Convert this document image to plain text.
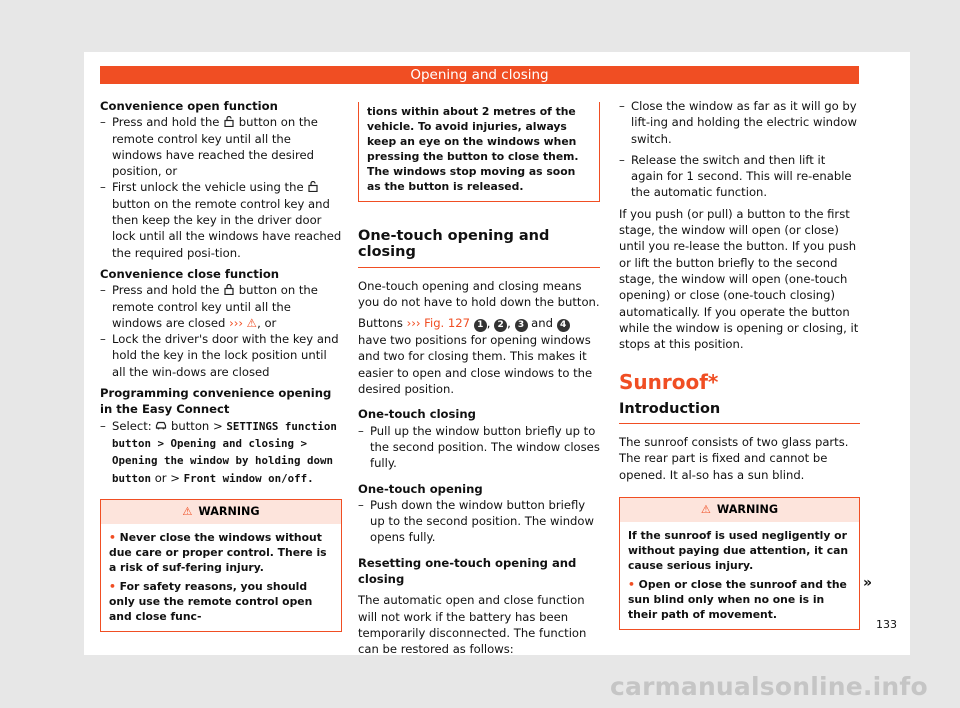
Opening and closing
Convenience open function
– Press and hold the  button on the remote control key until all the windows have reached the desired position, or
– First unlock the vehicle using the  button on the remote control key and then keep the key in the driver door lock until all the windows have reached the required posi-tion.
Convenience close function
– Press and hold the  button on the remote control key until all the windows are closed ››› ⚠, or
– Lock the driver's door with the key and hold the key in the lock position until all the win-dows are closed
Programming convenience opening in the Easy Connect
– Select:  button > SETTINGS function button > Opening and closing > Opening the window by holding down button or > Front window on/off.
⚠ WARNING
• Never close the windows without due care or proper control. There is a risk of suf-fering injury.
• For safety reasons, you should only use the remote control open and close func-
tions within about 2 metres of the vehicle. To avoid injuries, always keep an eye on the windows when pressing the button to close them. The windows stop moving as soon as the button is released.
One-touch opening and closing
One-touch opening and closing means you do not have to hold down the button.
Buttons ››› Fig. 127 1 , 2 , 3 and 4 have two positions for opening windows and two for closing them. This makes it easier to open and close windows to the desired position.
One-touch closing
– Pull up the window button briefly up to the second position. The window closes fully.
One-touch opening
– Push down the window button briefly up to the second position. The window opens fully.
Resetting one-touch opening and closing
The automatic open and close function will not work if the battery has been temporarily disconnected. The function can be restored as follows:
– Close the window as far as it will go by lift-ing and holding the electric window switch.
– Release the switch and then lift it again for 1 second. This will re-enable the automatic function.
If you push (or pull) a button to the first stage, the window will open (or close) until you re-lease the button. If you push or lift the button briefly to the second stage, the window will open (one-touch opening) or close (one-touch closing) automatically. If you operate the button while the window is opening or closing, it stops at this position.
Sunroof*
Introduction
The sunroof consists of two glass parts. The rear part is fixed and cannot be opened. It al-so has a sun blind.
⚠ WARNING
If the sunroof is used negligently or without paying due attention, it can cause serious injury.
• Open or close the sunroof and the sun blind only when no one is in their path of movement.
»
133
carmanualsonline.info
